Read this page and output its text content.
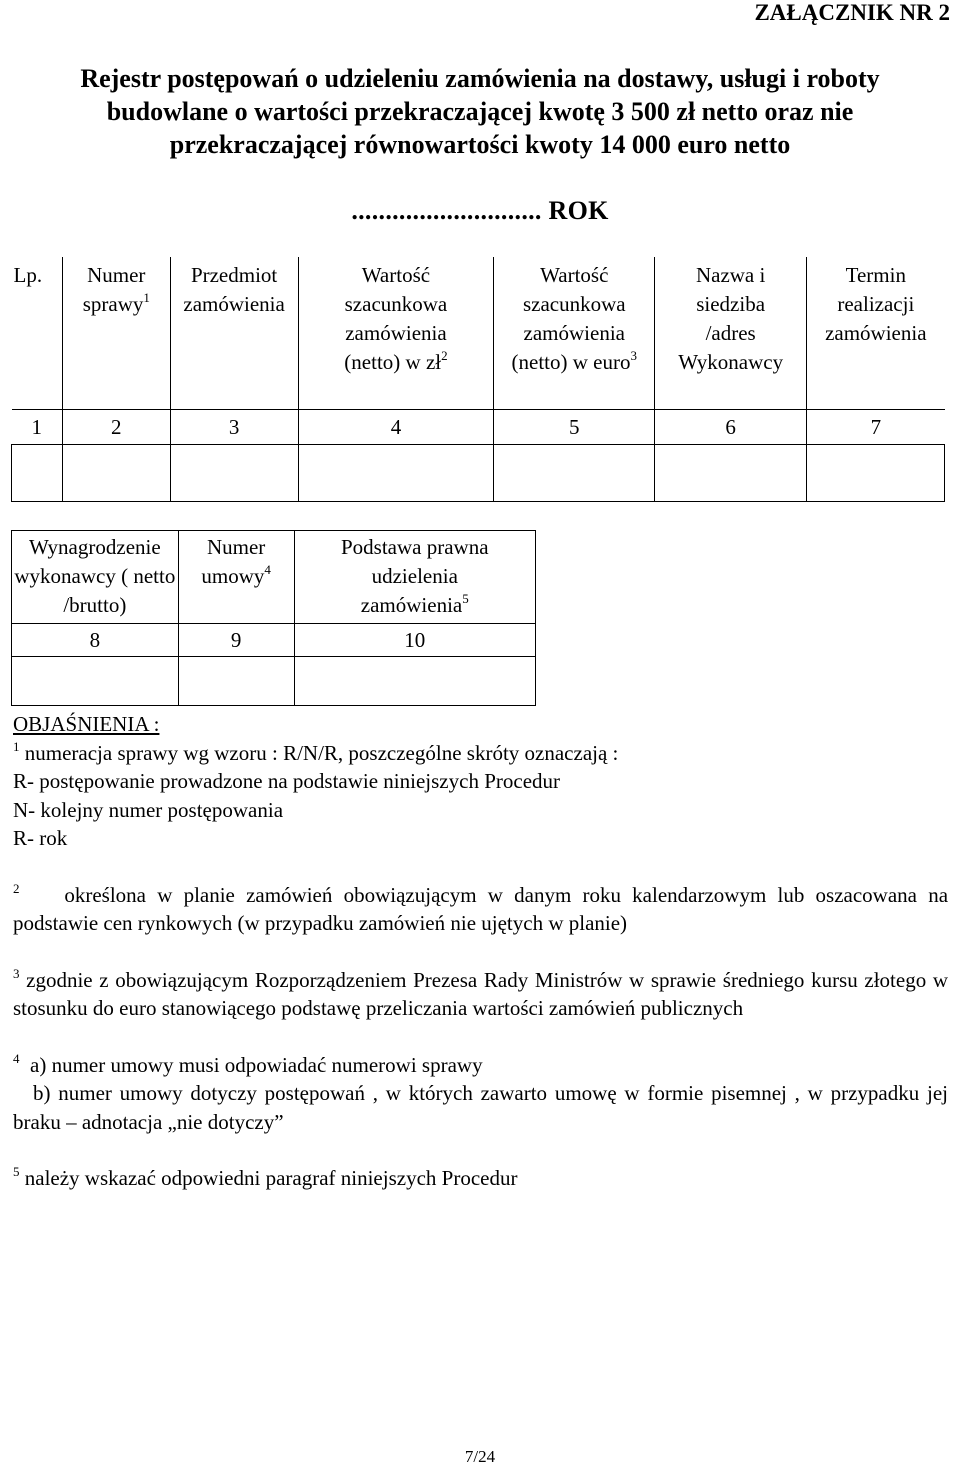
ZAŁĄCZNIK NR 2
Rejestr postępowań o udzieleniu zamówienia na dostawy, usługi i roboty
budowlane o wartości przekraczającej kwotę 3 500 zł netto oraz nie
przekraczającej równowartości kwoty 14 000 euro netto
............................ ROK
Lp.	Numer sprawy$^1$	Przedmiot zamówienia	Wartość szacunkowa zamówienia (netto) w $zł^2$	Wartość szacunkowa zamówienia (netto) w euro$^3$	Nazwa i siedziba /adres Wykonawcy	Termin realizacji zamówienia
1	2	3	4	5	6	7

Wynagrodzenie wykonawcy ( netto /brutto)	Numer umowy$^4$	Podstawa prawna udzielenia zamówienia$^5$
8	9	10

OBJAŚNIENIA :

$^1$ numeracja sprawy wg wzoru : R/N/R, poszczególne skróty oznaczają :

R- postępowanie prowadzone na podstawie niniejszych Procedur

N- kolejny numer postępowania

R- rok

$^2$ określona w planie zamówień obowiązującym w danym roku kalendarzowym lub oszacowana na podstawie cen rynkowych (w przypadku zamówień nie ujętych w planie)

$^3$ zgodnie z obowiązującym Rozporządzeniem Prezesa Rady Ministrów w sprawie średniego kursu złotego w stosunku do euro stanowiącego podstawę przeliczania wartości zamówień publicznych

$^4$ a) numer umowy musi odpowiadać numerowi sprawy

b) numer umowy dotyczy postępowań , w których zawarto umowę w formie pisemnej , w przypadku jej braku – adnotacja „nie dotyczy”

$^5$ należy wskazać odpowiedni paragraf niniejszych Procedur

7/24
